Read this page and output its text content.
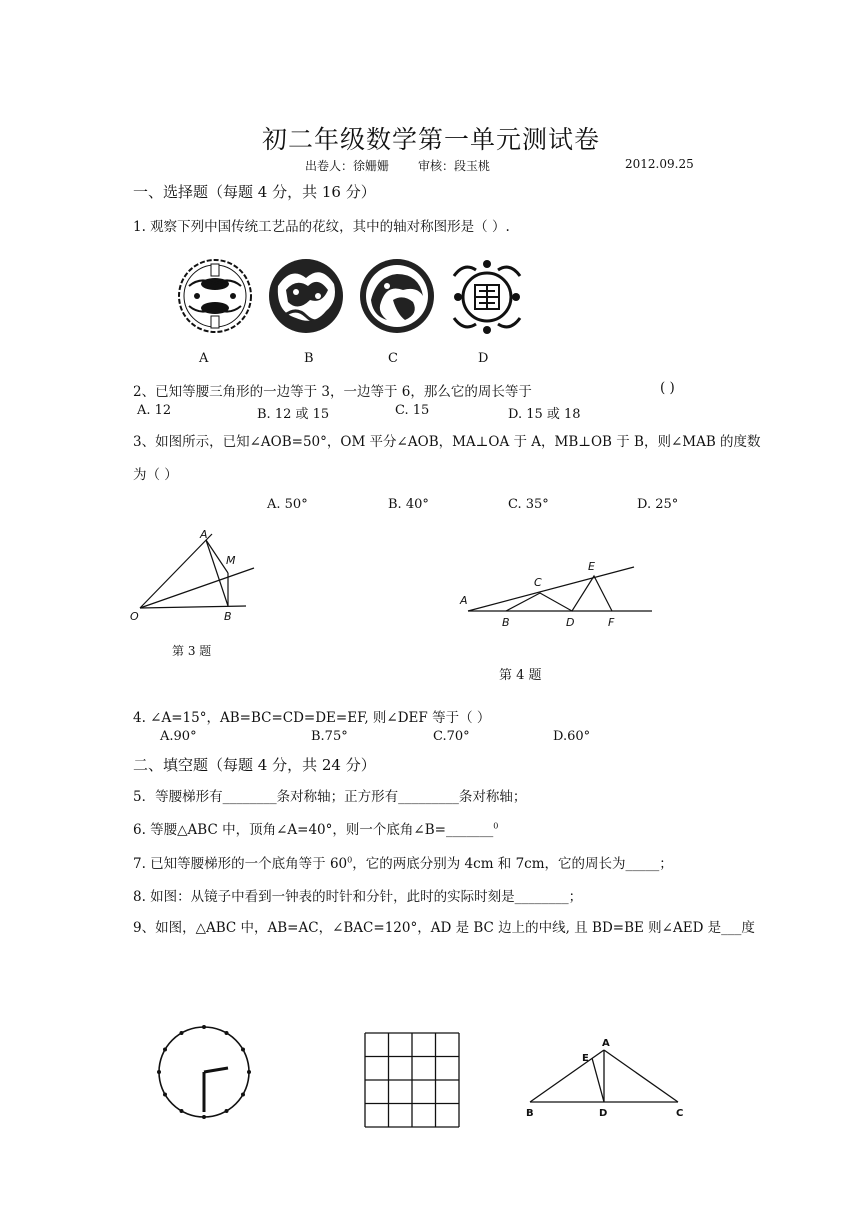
初二年级数学第一单元测试卷
出卷人：徐姗姗 审核：段玉桃	2012.09.25
一、选择题（每题 4 分，共 16 分）
1. 观察下列中国传统工艺品的花纹，其中的轴对称图形是（ ）.
A	B	C	D
2、已知等腰三角形的一边等于 3，一边等于 6，那么它的周长等于	( )
A. 12	B. 12 或 15	C. 15	D. 15 或 18
3、如图所示，已知∠AOB=50°，OM 平分∠AOB，MA⊥OA 于 A，MB⊥OB 于 B，则∠MAB 的度数
为（ ）
A. 50°	B. 40°	C. 35°	D. 25°
A
M
O	B
第 3 题
A
B
C
D
E
F
第 4 题
4. ∠A=15°，AB=BC=CD=DE=EF, 则∠DEF 等于（ ）
A.90°	B.75°	C.70°	D.60°
二、填空题（每题 4 分，共 24 分）
5．等腰梯形有________条对称轴；正方形有_________条对称轴；
6. 等腰△ABC 中，顶角∠A=40°，则一个底角∠B=_______$^0$
7. 已知等腰梯形的一个底角等于 $60^0$，它的两底分别为 4cm 和 7cm，它的周长为_____；
8. 如图：从镜子中看到一钟表的时针和分针，此时的实际时刻是________；
9、如图，△ABC 中，AB=AC，∠BAC=120°，AD 是 BC 边上的中线, 且 BD=BE 则∠AED 是___度
A
E
B	D	C
